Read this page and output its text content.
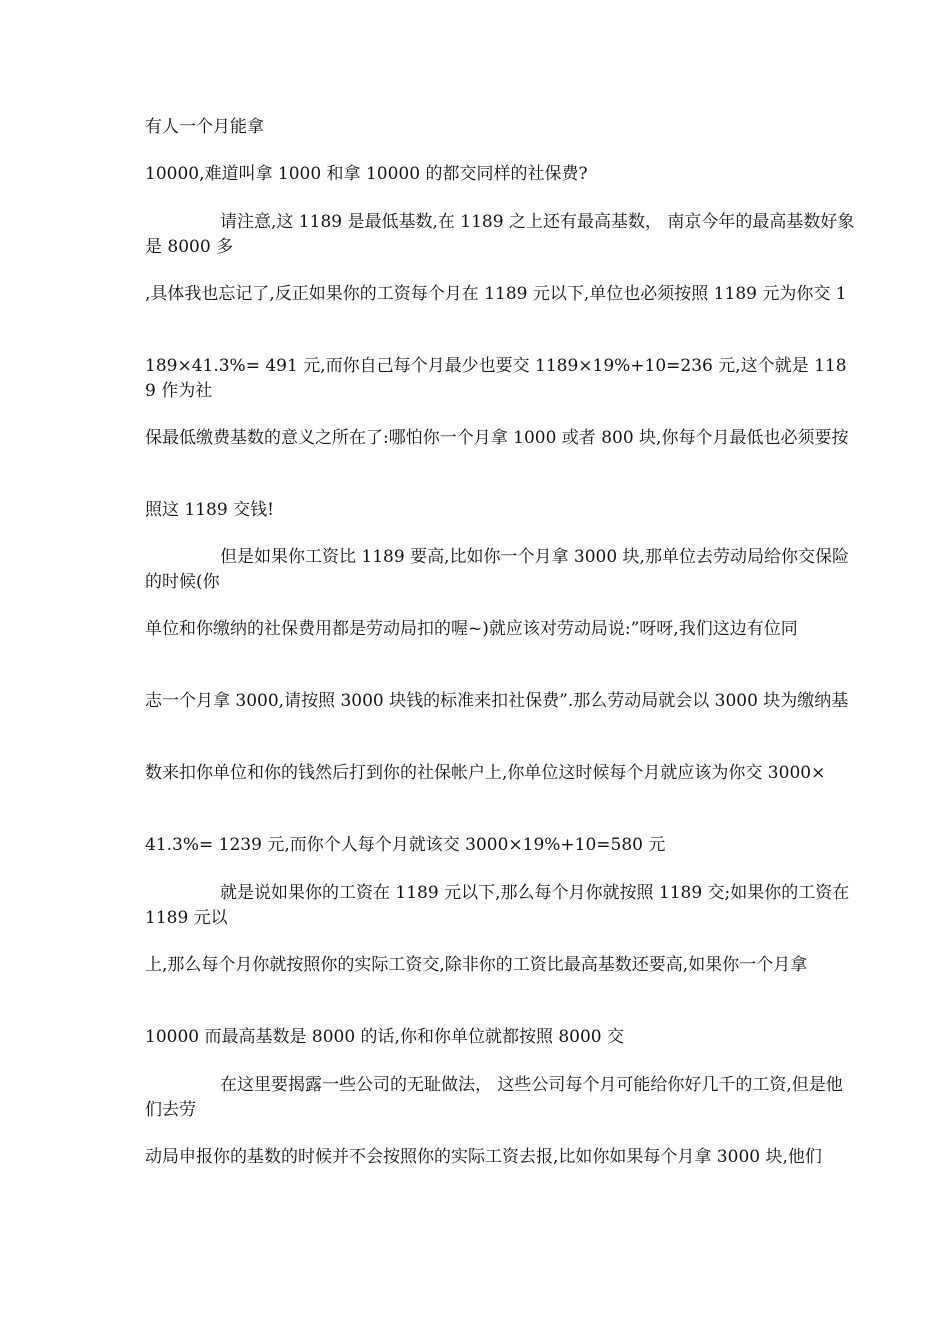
有人一个月能拿

10000,难道叫拿 1000 和拿 10000 的都交同样的社保费?

请注意,这 1189 是最低基数,在 1189 之上还有最高基数， 南京今年的最高基数好象是 8000 多

,具体我也忘记了,反正如果你的工资每个月在 1189 元以下,单位也必须按照 1189 元为你交 1

189×41.3%= 491 元,而你自己每个月最少也要交 1189×19%+10=236 元,这个就是 1189 作为社

保最低缴费基数的意义之所在了:哪怕你一个月拿 1000 或者 800 块,你每个月最低也必须要按

照这 1189 交钱!

但是如果你工资比 1189 要高,比如你一个月拿 3000 块,那单位去劳动局给你交保险的时候(你

单位和你缴纳的社保费用都是劳动局扣的喔~)就应该对劳动局说:”呀呀,我们这边有位同

志一个月拿 3000,请按照 3000 块钱的标准来扣社保费”.那么劳动局就会以 3000 块为缴纳基

数来扣你单位和你的钱然后打到你的社保帐户上,你单位这时候每个月就应该为你交 3000×

41.3%= 1239 元,而你个人每个月就该交 3000×19%+10=580 元

就是说如果你的工资在 1189 元以下,那么每个月你就按照 1189 交;如果你的工资在 1189 元以

上,那么每个月你就按照你的实际工资交,除非你的工资比最高基数还要高,如果你一个月拿

10000 而最高基数是 8000 的话,你和你单位就都按照 8000 交

在这里要揭露一些公司的无耻做法， 这些公司每个月可能给你好几千的工资,但是他们去劳

动局申报你的基数的时候并不会按照你的实际工资去报,比如你如果每个月拿 3000 块,他们
